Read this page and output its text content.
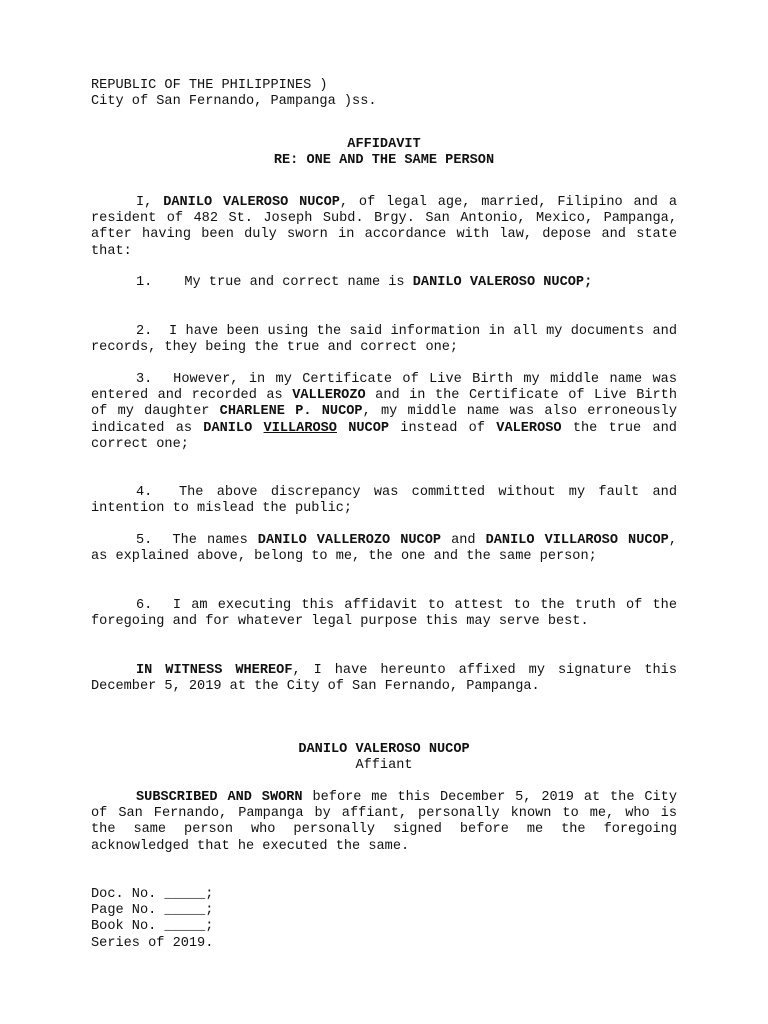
REPUBLIC OF THE PHILIPPINES )
City of San Fernando, Pampanga )ss.
AFFIDAVIT
RE: ONE AND THE SAME PERSON

I, DANILO VALEROSO NUCOP, of legal age, married, Filipino and a resident of 482 St. Joseph Subd. Brgy. San Antonio, Mexico, Pampanga, after having been duly sworn in accordance with law, depose and state that:

1. My true and correct name is DANILO VALEROSO NUCOP;

2. I have been using the said information in all my documents and records, they being the true and correct one;

3. However, in my Certificate of Live Birth my middle name was entered and recorded as VALLEROZO and in the Certificate of Live Birth of my daughter CHARLENE P. NUCOP, my middle name was also erroneously indicated as DANILO VILLAROSO NUCOP instead of VALEROSO the true and correct one;

4. The above discrepancy was committed without my fault and intention to mislead the public;

5. The names DANILO VALLEROZO NUCOP and DANILO VILLAROSO NUCOP, as explained above, belong to me, the one and the same person;

6. I am executing this affidavit to attest to the truth of the foregoing and for whatever legal purpose this may serve best.

IN WITNESS WHEREOF, I have hereunto affixed my signature this December 5, 2019 at the City of San Fernando, Pampanga.

DANILO VALEROSO NUCOP
Affiant

SUBSCRIBED AND SWORN before me this December 5, 2019 at the City of San Fernando, Pampanga by affiant, personally known to me, who is the same person who personally signed before me the foregoing acknowledged that he executed the same.

Doc. No. _____;
Page No. _____;
Book No. _____;
Series of 2019.
